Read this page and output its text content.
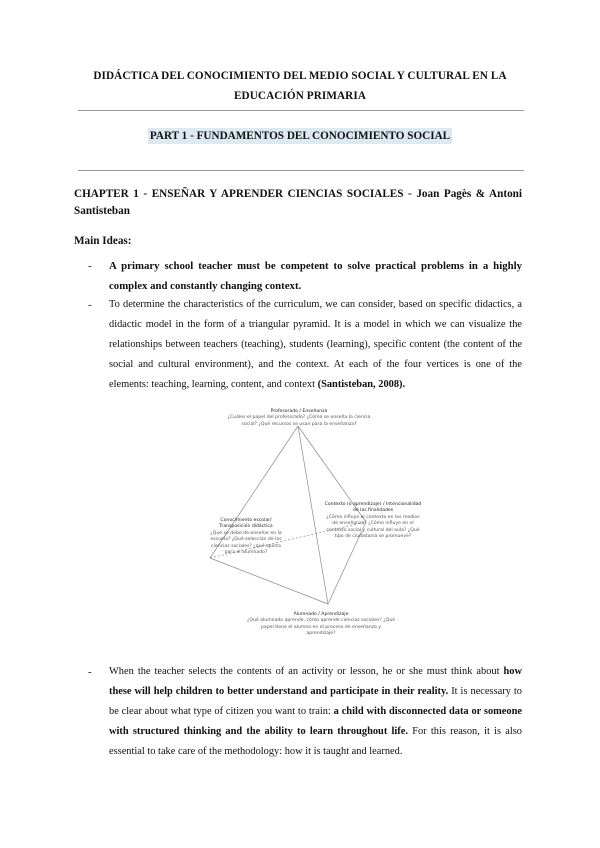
DIDÁCTICA DEL CONOCIMIENTO DEL MEDIO SOCIAL Y CULTURAL EN LA
EDUCACIÓN PRIMARIA
PART 1 - FUNDAMENTOS DEL CONOCIMIENTO SOCIAL
CHAPTER 1 - ENSEÑAR Y APRENDER CIENCIAS SOCIALES - Joan Pagès & Antoni Santisteban
Main Ideas:
- A primary school teacher must be competent to solve practical problems in a highly complex and constantly changing context.
- To determine the characteristics of the curriculum, we can consider, based on specific didactics, a didactic model in the form of a triangular pyramid. It is a model in which we can visualize the relationships between teachers (teaching), students (learning), specific content (the content of the social and cultural environment), and the context. At each of the four vertices is one of the elements: teaching, learning, content, and context (Santisteban, 2008).
Profesorado / Enseñanza
¿Cuáles el papel del profesorado? ¿Cómo se enseña la ciencia social? ¿Qué recursos se usan para la enseñanza?
Conocimiento escolar/ Transposición didáctica
¿Qué se debe de enseñar en la escuela? ¿Qué selección de las ciencias sociales? ¿qué aporta para el alumnado?
Contexto (o aprendizaje) / Intencionalidad de las finalidades
¿Cómo influye el contexto en los medios de enseñanza? ¿Cómo influye en el contexto social y cultural del aula? ¿Qué tipo de ciudadanía se promueve?
Alumnado / Aprendizaje
¿Qué alumnado aprende, cómo aprende ciencias sociales? ¿Qué papel tiene el alumno en el proceso de enseñanza y aprendizaje?
- When the teacher selects the contents of an activity or lesson, he or she must think about how these will help children to better understand and participate in their reality. It is necessary to be clear about what type of citizen you want to train: a child with disconnected data or someone with structured thinking and the ability to learn throughout life. For this reason, it is also essential to take care of the methodology: how it is taught and learned.
